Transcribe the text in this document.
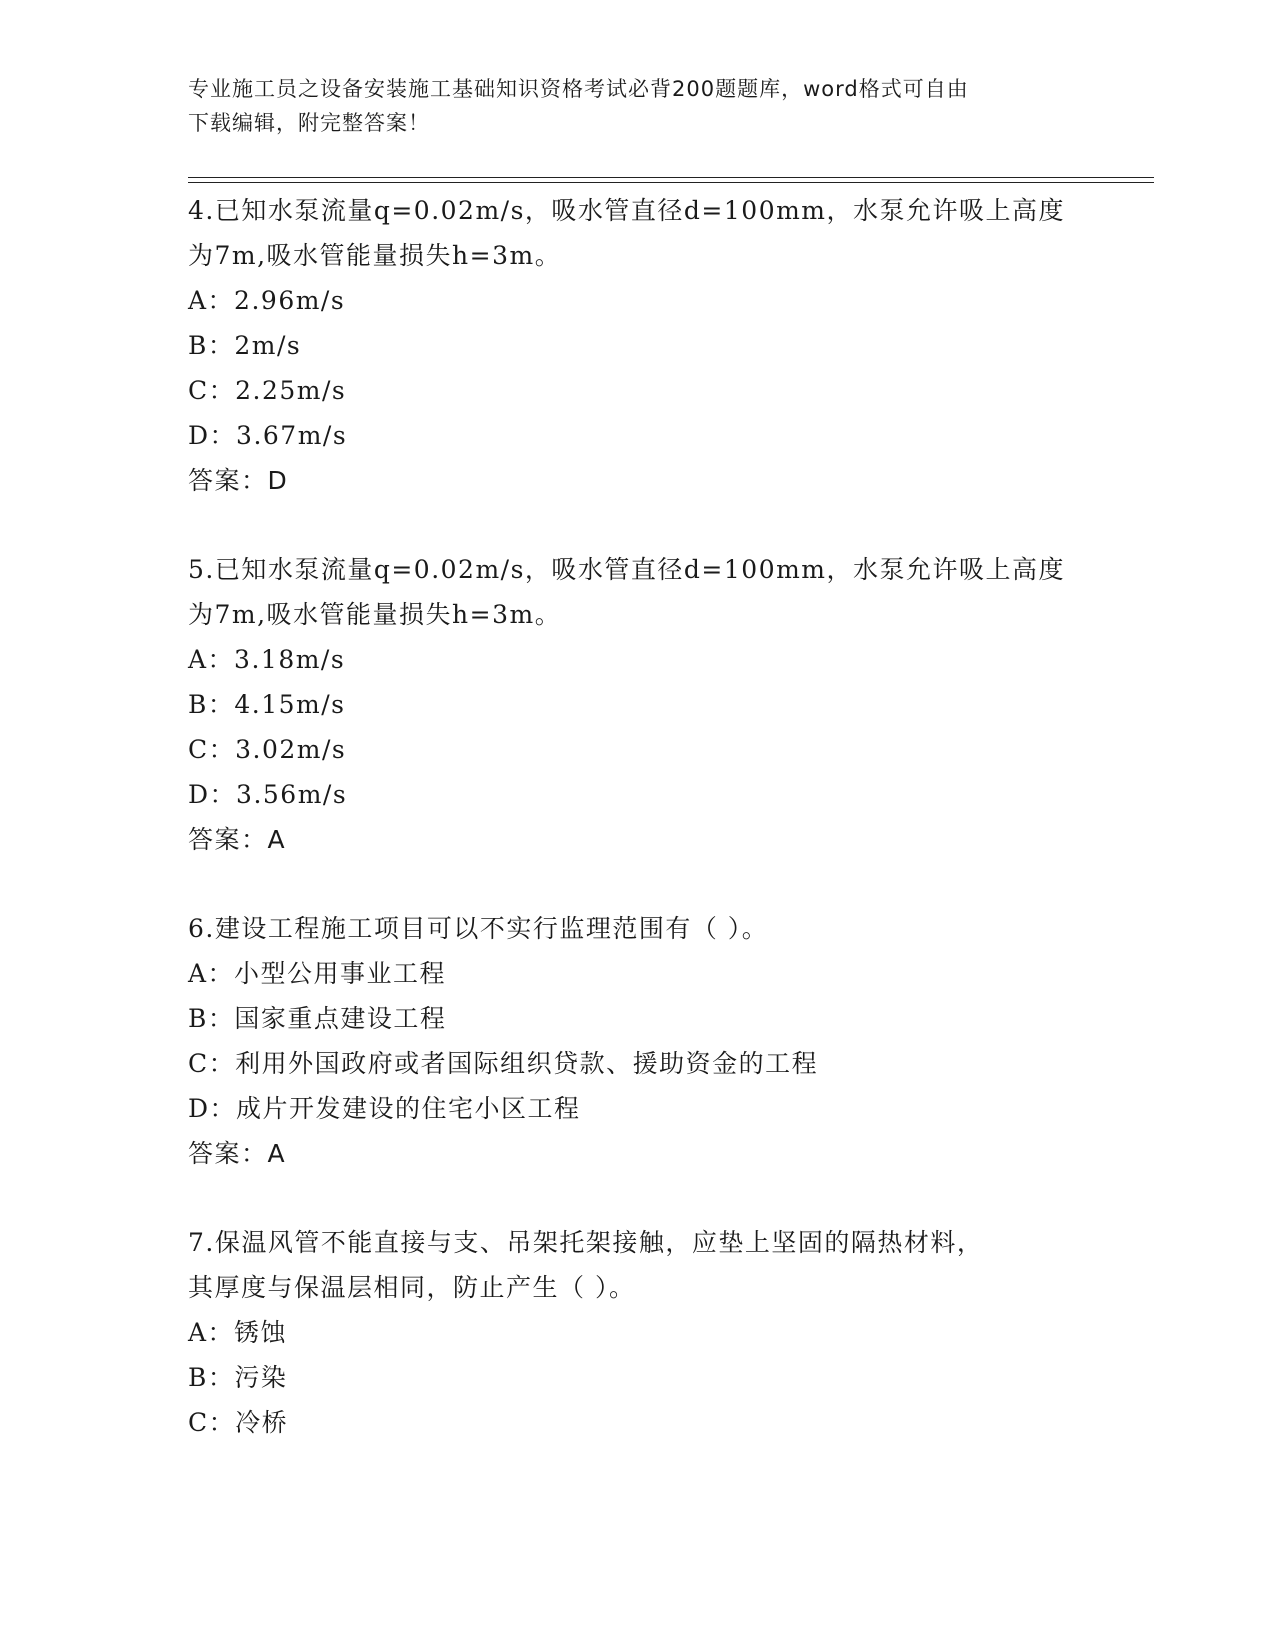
专业施工员之设备安装施工基础知识资格考试必背200题题库，word格式可自由
下载编辑，附完整答案！

4.已知水泵流量q=0.02m/s，吸水管直径d=100mm，水泵允许吸上高度

为7m,吸水管能量损失h=3m。

A：2.96m/s

B：2m/s

C：2.25m/s

D：3.67m/s

答案：D

5.已知水泵流量q=0.02m/s，吸水管直径d=100mm，水泵允许吸上高度

为7m,吸水管能量损失h=3m。

A：3.18m/s

B：4.15m/s

C：3.02m/s

D：3.56m/s

答案：A

6.建设工程施工项目可以不实行监理范围有（ ）。

A：小型公用事业工程

B：国家重点建设工程

C：利用外国政府或者国际组织贷款、援助资金的工程

D：成片开发建设的住宅小区工程

答案：A

7.保温风管不能直接与支、吊架托架接触，应垫上坚固的隔热材料，

其厚度与保温层相同，防止产生（ ）。

A：锈蚀

B：污染

C：冷桥
